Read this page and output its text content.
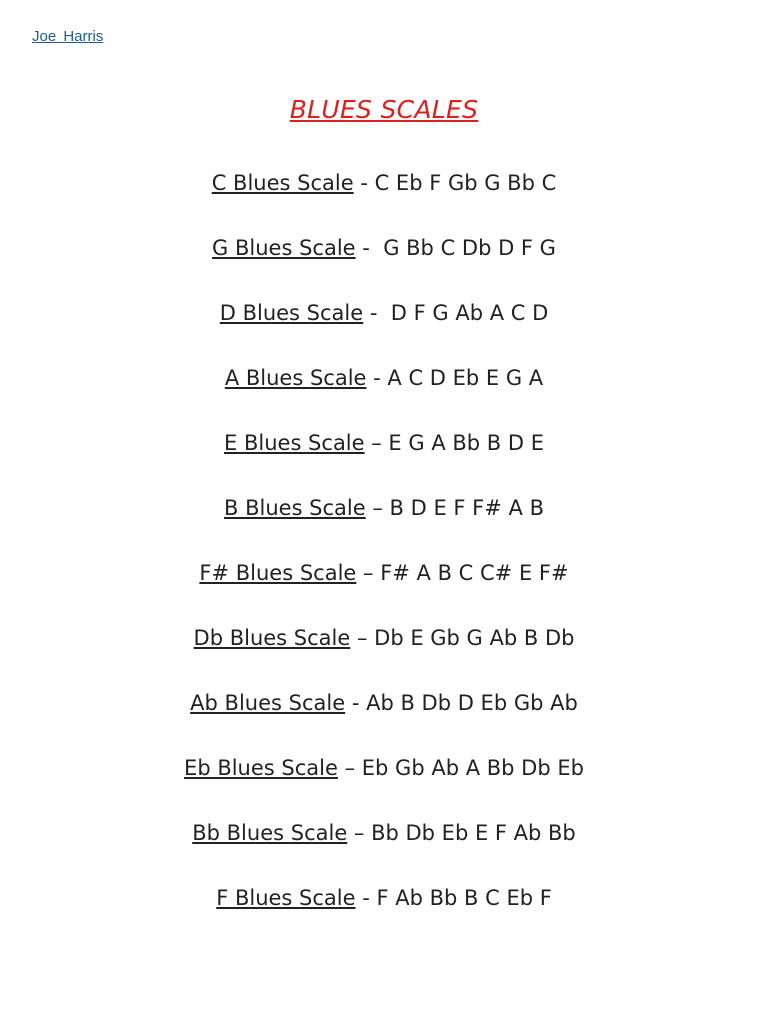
Joe Harris
BLUES SCALES
C Blues Scale - C Eb F Gb G Bb C
G Blues Scale -  G Bb C Db D F G
D Blues Scale -  D F G Ab A C D
A Blues Scale - A C D Eb E G A
E Blues Scale – E G A Bb B D E
B Blues Scale – B D E F F# A B
F# Blues Scale – F# A B C C# E F#
Db Blues Scale – Db E Gb G Ab B Db
Ab Blues Scale - Ab B Db D Eb Gb Ab
Eb Blues Scale – Eb Gb Ab A Bb Db Eb
Bb Blues Scale – Bb Db Eb E F Ab Bb
F Blues Scale - F Ab Bb B C Eb F
